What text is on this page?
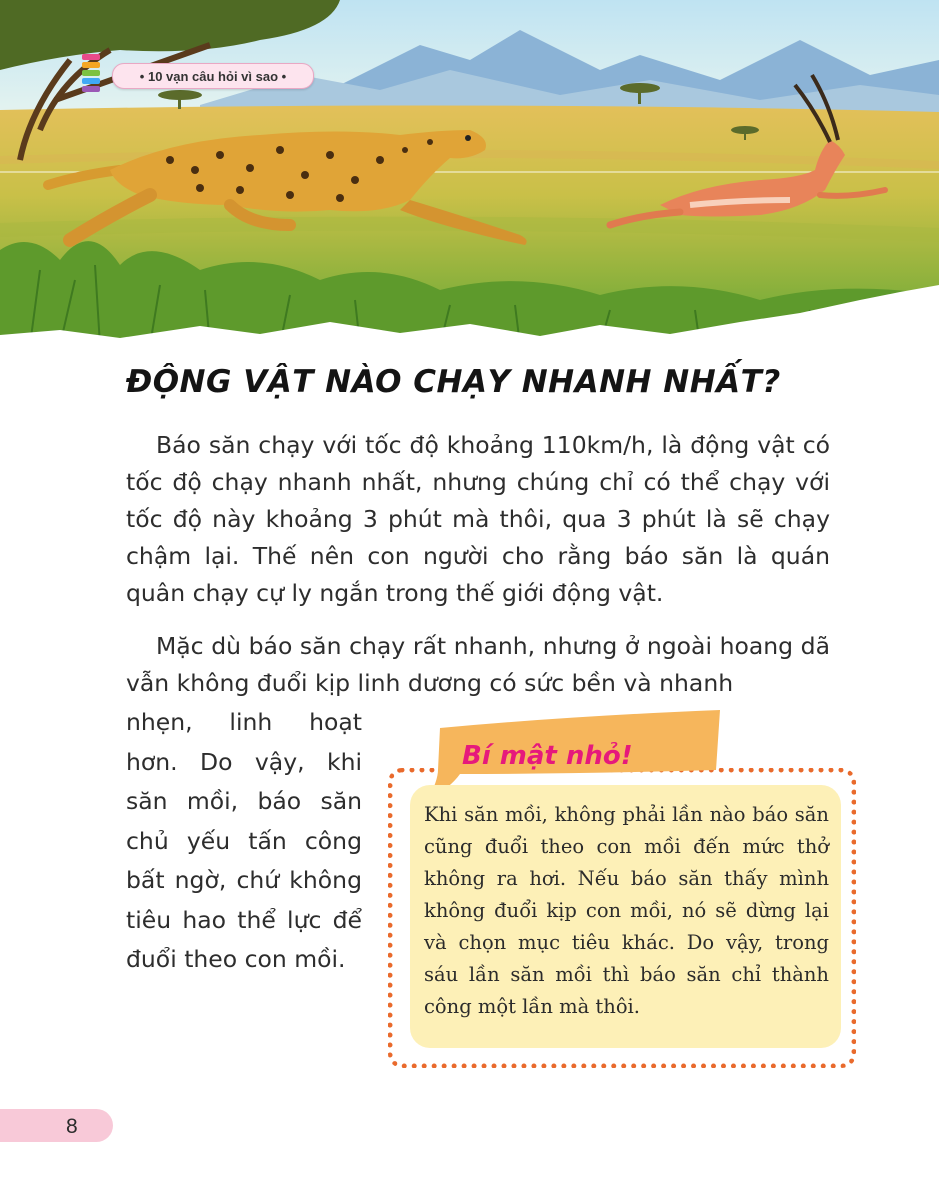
• 10 vạn câu hỏi vì sao •
ĐỘNG VẬT NÀO CHẠY NHANH NHẤT?

Báo săn chạy với tốc độ khoảng 110km/h, là động vật có tốc độ chạy nhanh nhất, nhưng chúng chỉ có thể chạy với tốc độ này khoảng 3 phút mà thôi, qua 3 phút là sẽ chạy chậm lại. Thế nên con người cho rằng báo săn là quán quân chạy cự ly ngắn trong thế giới động vật.

Mặc dù báo săn chạy rất nhanh, nhưng ở ngoài hoang dã vẫn không đuổi kịp linh dương có sức bền và nhanh

nhẹn, linh hoạt hơn. Do vậy, khi săn mồi, báo săn chủ yếu tấn công bất ngờ, chứ không tiêu hao thể lực để đuổi theo con mồi.

Bí mật nhỏ!

Khi săn mồi, không phải lần nào báo săn cũng đuổi theo con mồi đến mức thở không ra hơi. Nếu báo săn thấy mình không đuổi kịp con mồi, nó sẽ dừng lại và chọn mục tiêu khác. Do vậy, trong sáu lần săn mồi thì báo săn chỉ thành công một lần mà thôi.

8
